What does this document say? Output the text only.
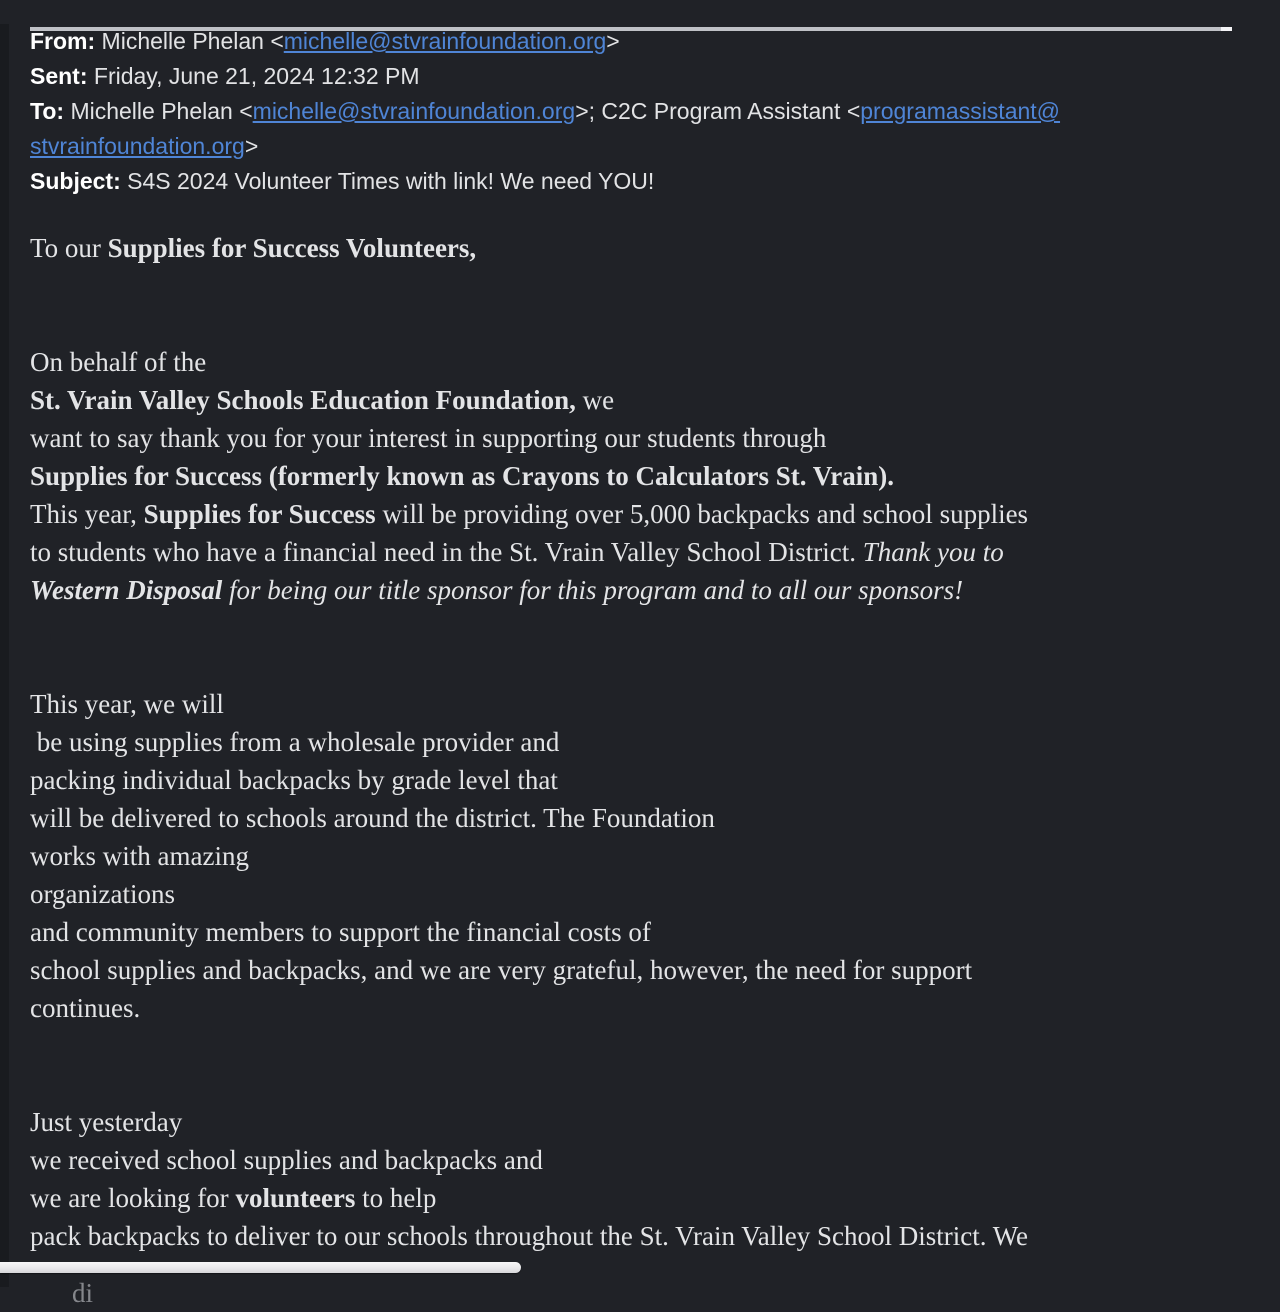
From: Michelle Phelan <michelle@stvrainfoundation.org>
Sent: Friday, June 21, 2024 12:32 PM
To: Michelle Phelan <michelle@stvrainfoundation.org>; C2C Program Assistant <programassistant@
stvrainfoundation.org>
Subject: S4S 2024 Volunteer Times with link! We need YOU!
To our Supplies for Success Volunteers,
On behalf of the
St. Vrain Valley Schools Education Foundation, we
want to say thank you for your interest in supporting our students through
Supplies for Success (formerly known as Crayons to Calculators St. Vrain).
This year, Supplies for Success will be providing over 5,000 backpacks and school supplies
to students who have a financial need in the St. Vrain Valley School District. Thank you to
Western Disposal for being our title sponsor for this program and to all our sponsors!
This year, we will
be using supplies from a wholesale provider and
packing individual backpacks by grade level that
will be delivered to schools around the district. The Foundation
works with amazing
organizations
and community members to support the financial costs of
school supplies and backpacks, and we are very grateful, however, the need for support
continues.
Just yesterday
we received school supplies and backpacks and
we are looking for volunteers to help
pack backpacks to deliver to our schools throughout the St. Vrain Valley School District. We
di
